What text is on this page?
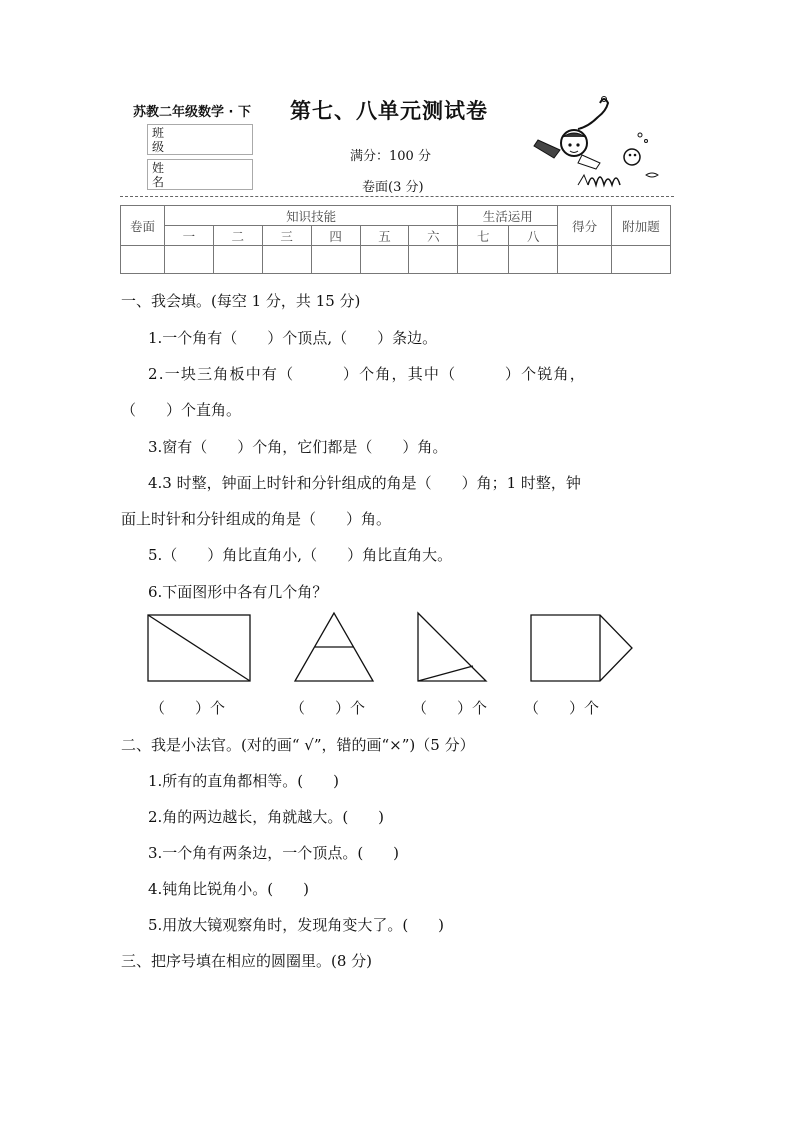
苏教二年级数学 · 下 第七、八单元测试卷
班级
姓名
满分：100 分
卷面(3 分)
卷面	知识技能						生活运用		得分	附加题
	一	二	三	四	五	六	七	八		

一、我会填。(每空 1 分，共 15 分)
1.一个角有（　　）个顶点,（　　）条边。
2.一块三角板中有（　　　）个角，其中（　　　）个锐角，
（　　）个直角。
3.窗有（　　）个角，它们都是（　　）角。
4.3 时整，钟面上时针和分针组成的角是（　　）角；1 时整，钟
面上时针和分针组成的角是（　　）角。
5.（　　）角比直角小,（　　）角比直角大。
6.下面图形中各有几个角？
（　　）个	（　　）个	（　　）个 （　　）个
二、我是小法官。(对的画“ √”，错的画“×”)（5 分）
1.所有的直角都相等。(　　)
2.角的两边越长，角就越大。(　　)
3.一个角有两条边，一个顶点。(　　)
4.钝角比锐角小。(　　)
5.用放大镜观察角时，发现角变大了。(　　)
三、把序号填在相应的圆圈里。(8 分)
